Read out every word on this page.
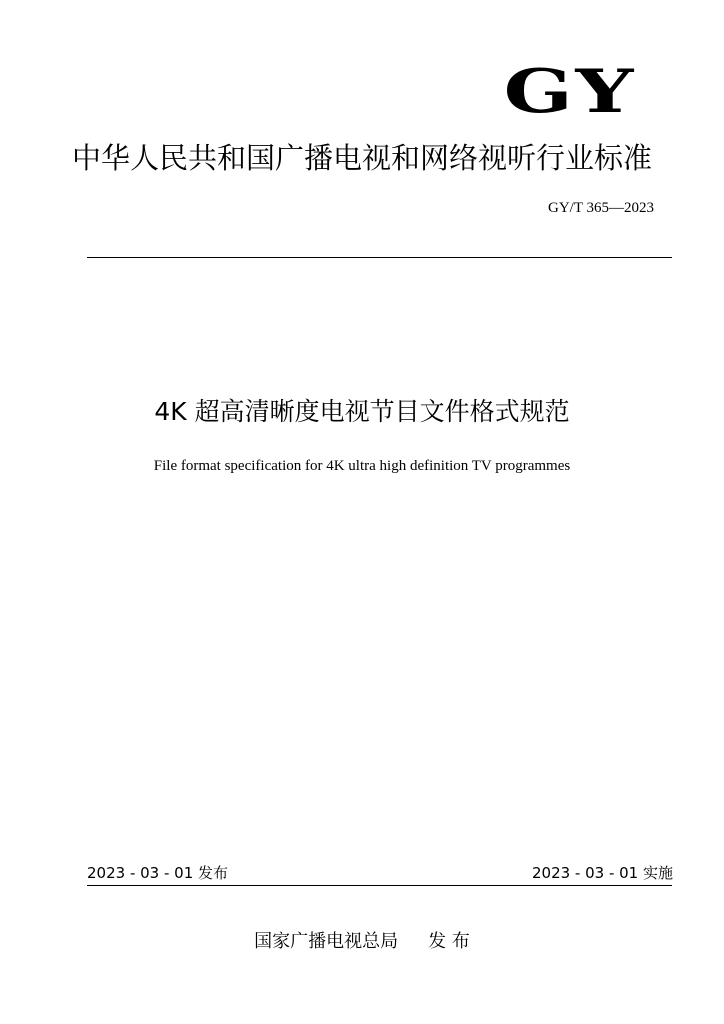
GY
中华人民共和国广播电视和网络视听行业标准
GY/T 365—2023
4K 超高清晰度电视节目文件格式规范
File format specification for 4K ultra high definition TV programmes
2023 - 03 - 01 发布	2023 - 03 - 01 实施
国家广播电视总局 发 布
